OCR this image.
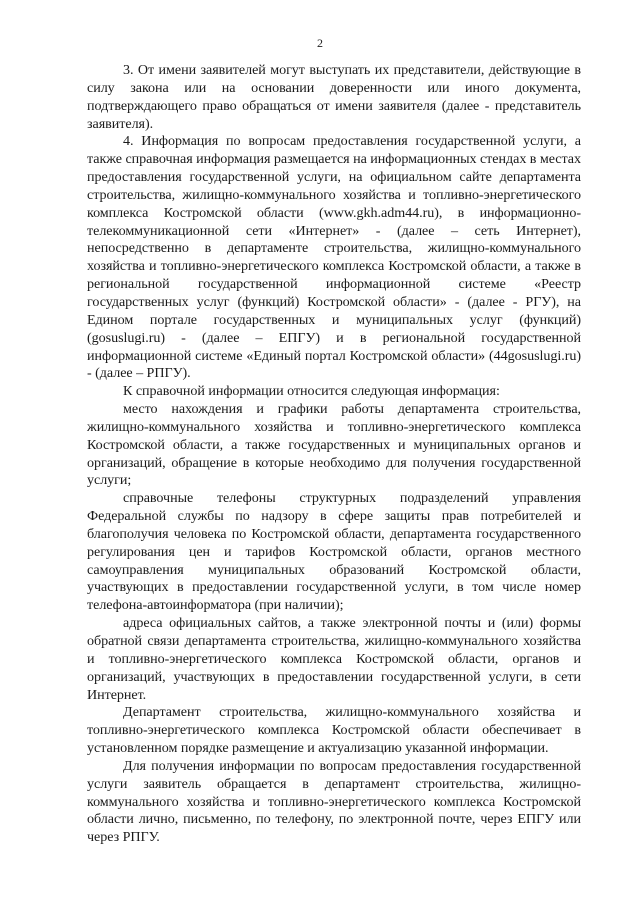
2

3. От имени заявителей могут выступать их представители, действующие в силу закона или на основании доверенности или иного документа, подтверждающего право обращаться от имени заявителя (далее - представитель заявителя).

4. Информация по вопросам предоставления государственной услуги, а также справочная информация размещается на информационных стендах в местах предоставления государственной услуги, на официальном сайте департамента строительства, жилищно-коммунального хозяйства и топливно-энергетического комплекса Костромской области (www.gkh.adm44.ru), в информационно-телекоммуникационной сети «Интернет» - (далее – сеть Интернет), непосредственно в департаменте строительства, жилищно-коммунального хозяйства и топливно-энергетического комплекса Костромской области, а также в региональной государственной информационной системе «Реестр государственных услуг (функций) Костромской области» - (далее - РГУ), на Едином портале государственных и муниципальных услуг (функций) (gosuslugi.ru) - (далее – ЕПГУ) и в региональной государственной информационной системе «Единый портал Костромской области» (44gosuslugi.ru) - (далее – РПГУ).

К справочной информации относится следующая информация:

место нахождения и графики работы департамента строительства, жилищно-коммунального хозяйства и топливно-энергетического комплекса Костромской области, а также государственных и муниципальных органов и организаций, обращение в которые необходимо для получения государственной услуги;

справочные телефоны структурных подразделений управления Федеральной службы по надзору в сфере защиты прав потребителей и благополучия человека по Костромской области, департамента государственного регулирования цен и тарифов Костромской области, органов местного самоуправления муниципальных образований Костромской области, участвующих в предоставлении государственной услуги, в том числе номер телефона-автоинформатора (при наличии);

адреса официальных сайтов, а также электронной почты и (или) формы обратной связи департамента строительства, жилищно-коммунального хозяйства и топливно-энергетического комплекса Костромской области, органов и организаций, участвующих в предоставлении государственной услуги, в сети Интернет.

Департамент строительства, жилищно-коммунального хозяйства и топливно-энергетического комплекса Костромской области обеспечивает в установленном порядке размещение и актуализацию указанной информации.

Для получения информации по вопросам предоставления государственной услуги заявитель обращается в департамент строительства, жилищно-коммунального хозяйства и топливно-энергетического комплекса Костромской области лично, письменно, по телефону, по электронной почте, через ЕПГУ или через РПГУ.
